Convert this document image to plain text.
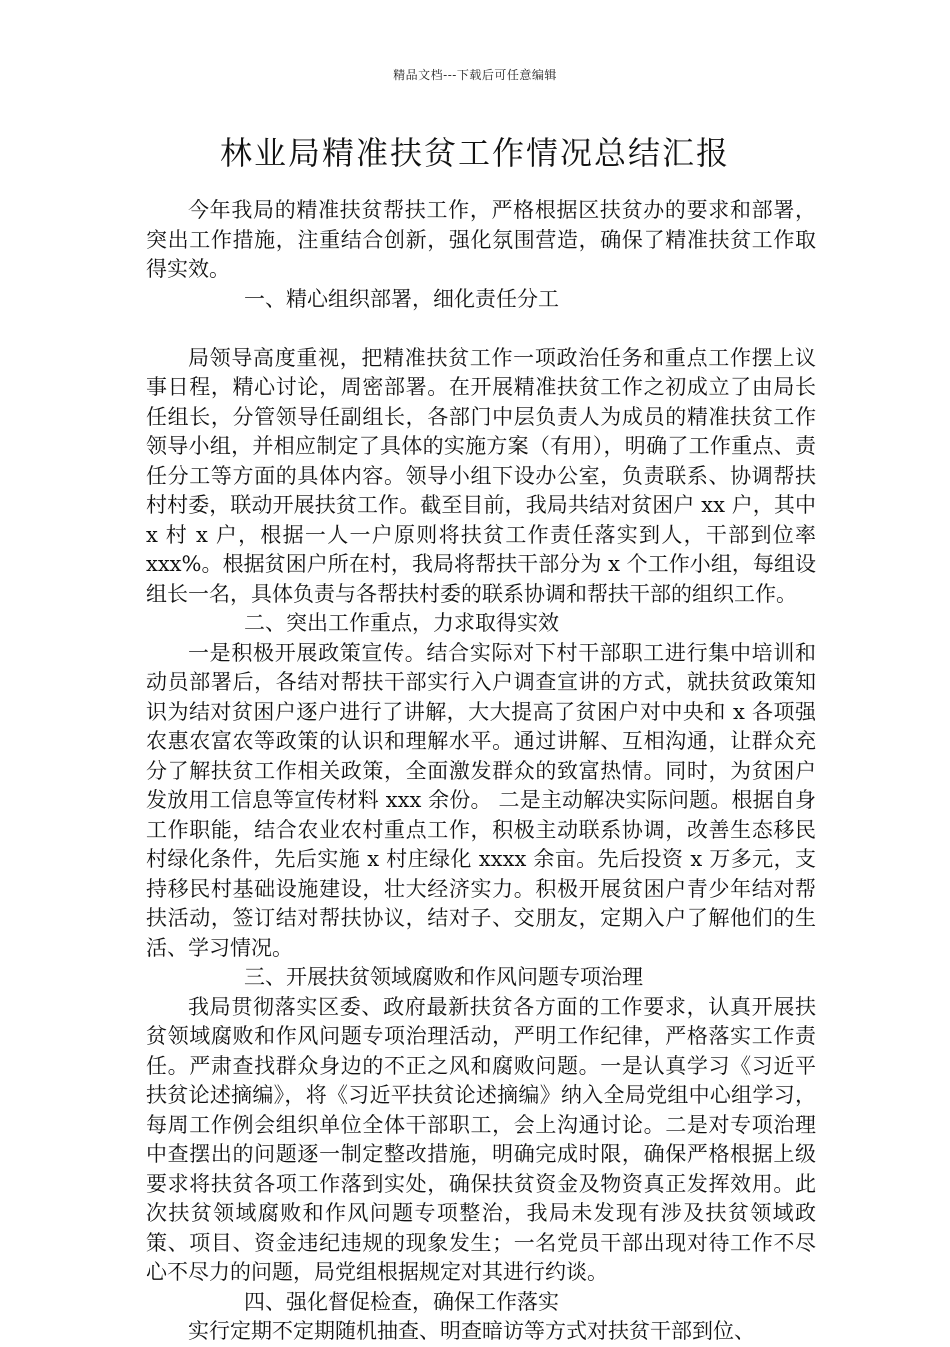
精品文档---下载后可任意编辑
林业局精准扶贫工作情况总结汇报

今年我局的精准扶贫帮扶工作，严格根据区扶贫办的要求和部署，突出工作措施，注重结合创新，强化氛围营造，确保了精准扶贫工作取得实效。

一、精心组织部署，细化责任分工

局领导高度重视，把精准扶贫工作一项政治任务和重点工作摆上议事日程，精心讨论，周密部署。在开展精准扶贫工作之初成立了由局长任组长，分管领导任副组长，各部门中层负责人为成员的精准扶贫工作领导小组，并相应制定了具体的实施方案（有用），明确了工作重点、责任分工等方面的具体内容。领导小组下设办公室，负责联系、协调帮扶村村委，联动开展扶贫工作。截至目前，我局共结对贫困户 xx 户，其中 x 村 x 户，根据一人一户原则将扶贫工作责任落实到人，干部到位率 xxx%。根据贫困户所在村，我局将帮扶干部分为 x 个工作小组，每组设组长一名，具体负责与各帮扶村委的联系协调和帮扶干部的组织工作。

二、突出工作重点，力求取得实效

一是积极开展政策宣传。结合实际对下村干部职工进行集中培训和动员部署后，各结对帮扶干部实行入户调查宣讲的方式，就扶贫政策知识为结对贫困户逐户进行了讲解，大大提高了贫困户对中央和 x 各项强农惠农富农等政策的认识和理解水平。通过讲解、互相沟通，让群众充分了解扶贫工作相关政策，全面激发群众的致富热情。同时，为贫困户发放用工信息等宣传材料 xxx 余份。 二是主动解决实际问题。根据自身工作职能，结合农业农村重点工作，积极主动联系协调，改善生态移民村绿化条件，先后实施 x 村庄绿化 xxxx 余亩。先后投资 x 万多元，支持移民村基础设施建设，壮大经济实力。积极开展贫困户青少年结对帮扶活动，签订结对帮扶协议，结对子、交朋友，定期入户了解他们的生活、学习情况。

三、开展扶贫领域腐败和作风问题专项治理

我局贯彻落实区委、政府最新扶贫各方面的工作要求，认真开展扶贫领域腐败和作风问题专项治理活动，严明工作纪律，严格落实工作责任。严肃查找群众身边的不正之风和腐败问题。一是认真学习《习近平扶贫论述摘编》，将《习近平扶贫论述摘编》纳入全局党组中心组学习，每周工作例会组织单位全体干部职工，会上沟通讨论。二是对专项治理中查摆出的问题逐一制定整改措施，明确完成时限，确保严格根据上级要求将扶贫各项工作落到实处，确保扶贫资金及物资真正发挥效用。此次扶贫领域腐败和作风问题专项整治，我局未发现有涉及扶贫领域政策、项目、资金违纪违规的现象发生；一名党员干部出现对待工作不尽心不尽力的问题，局党组根据规定对其进行约谈。

四、强化督促检查，确保工作落实

实行定期不定期随机抽查、明查暗访等方式对扶贫干部到位、
